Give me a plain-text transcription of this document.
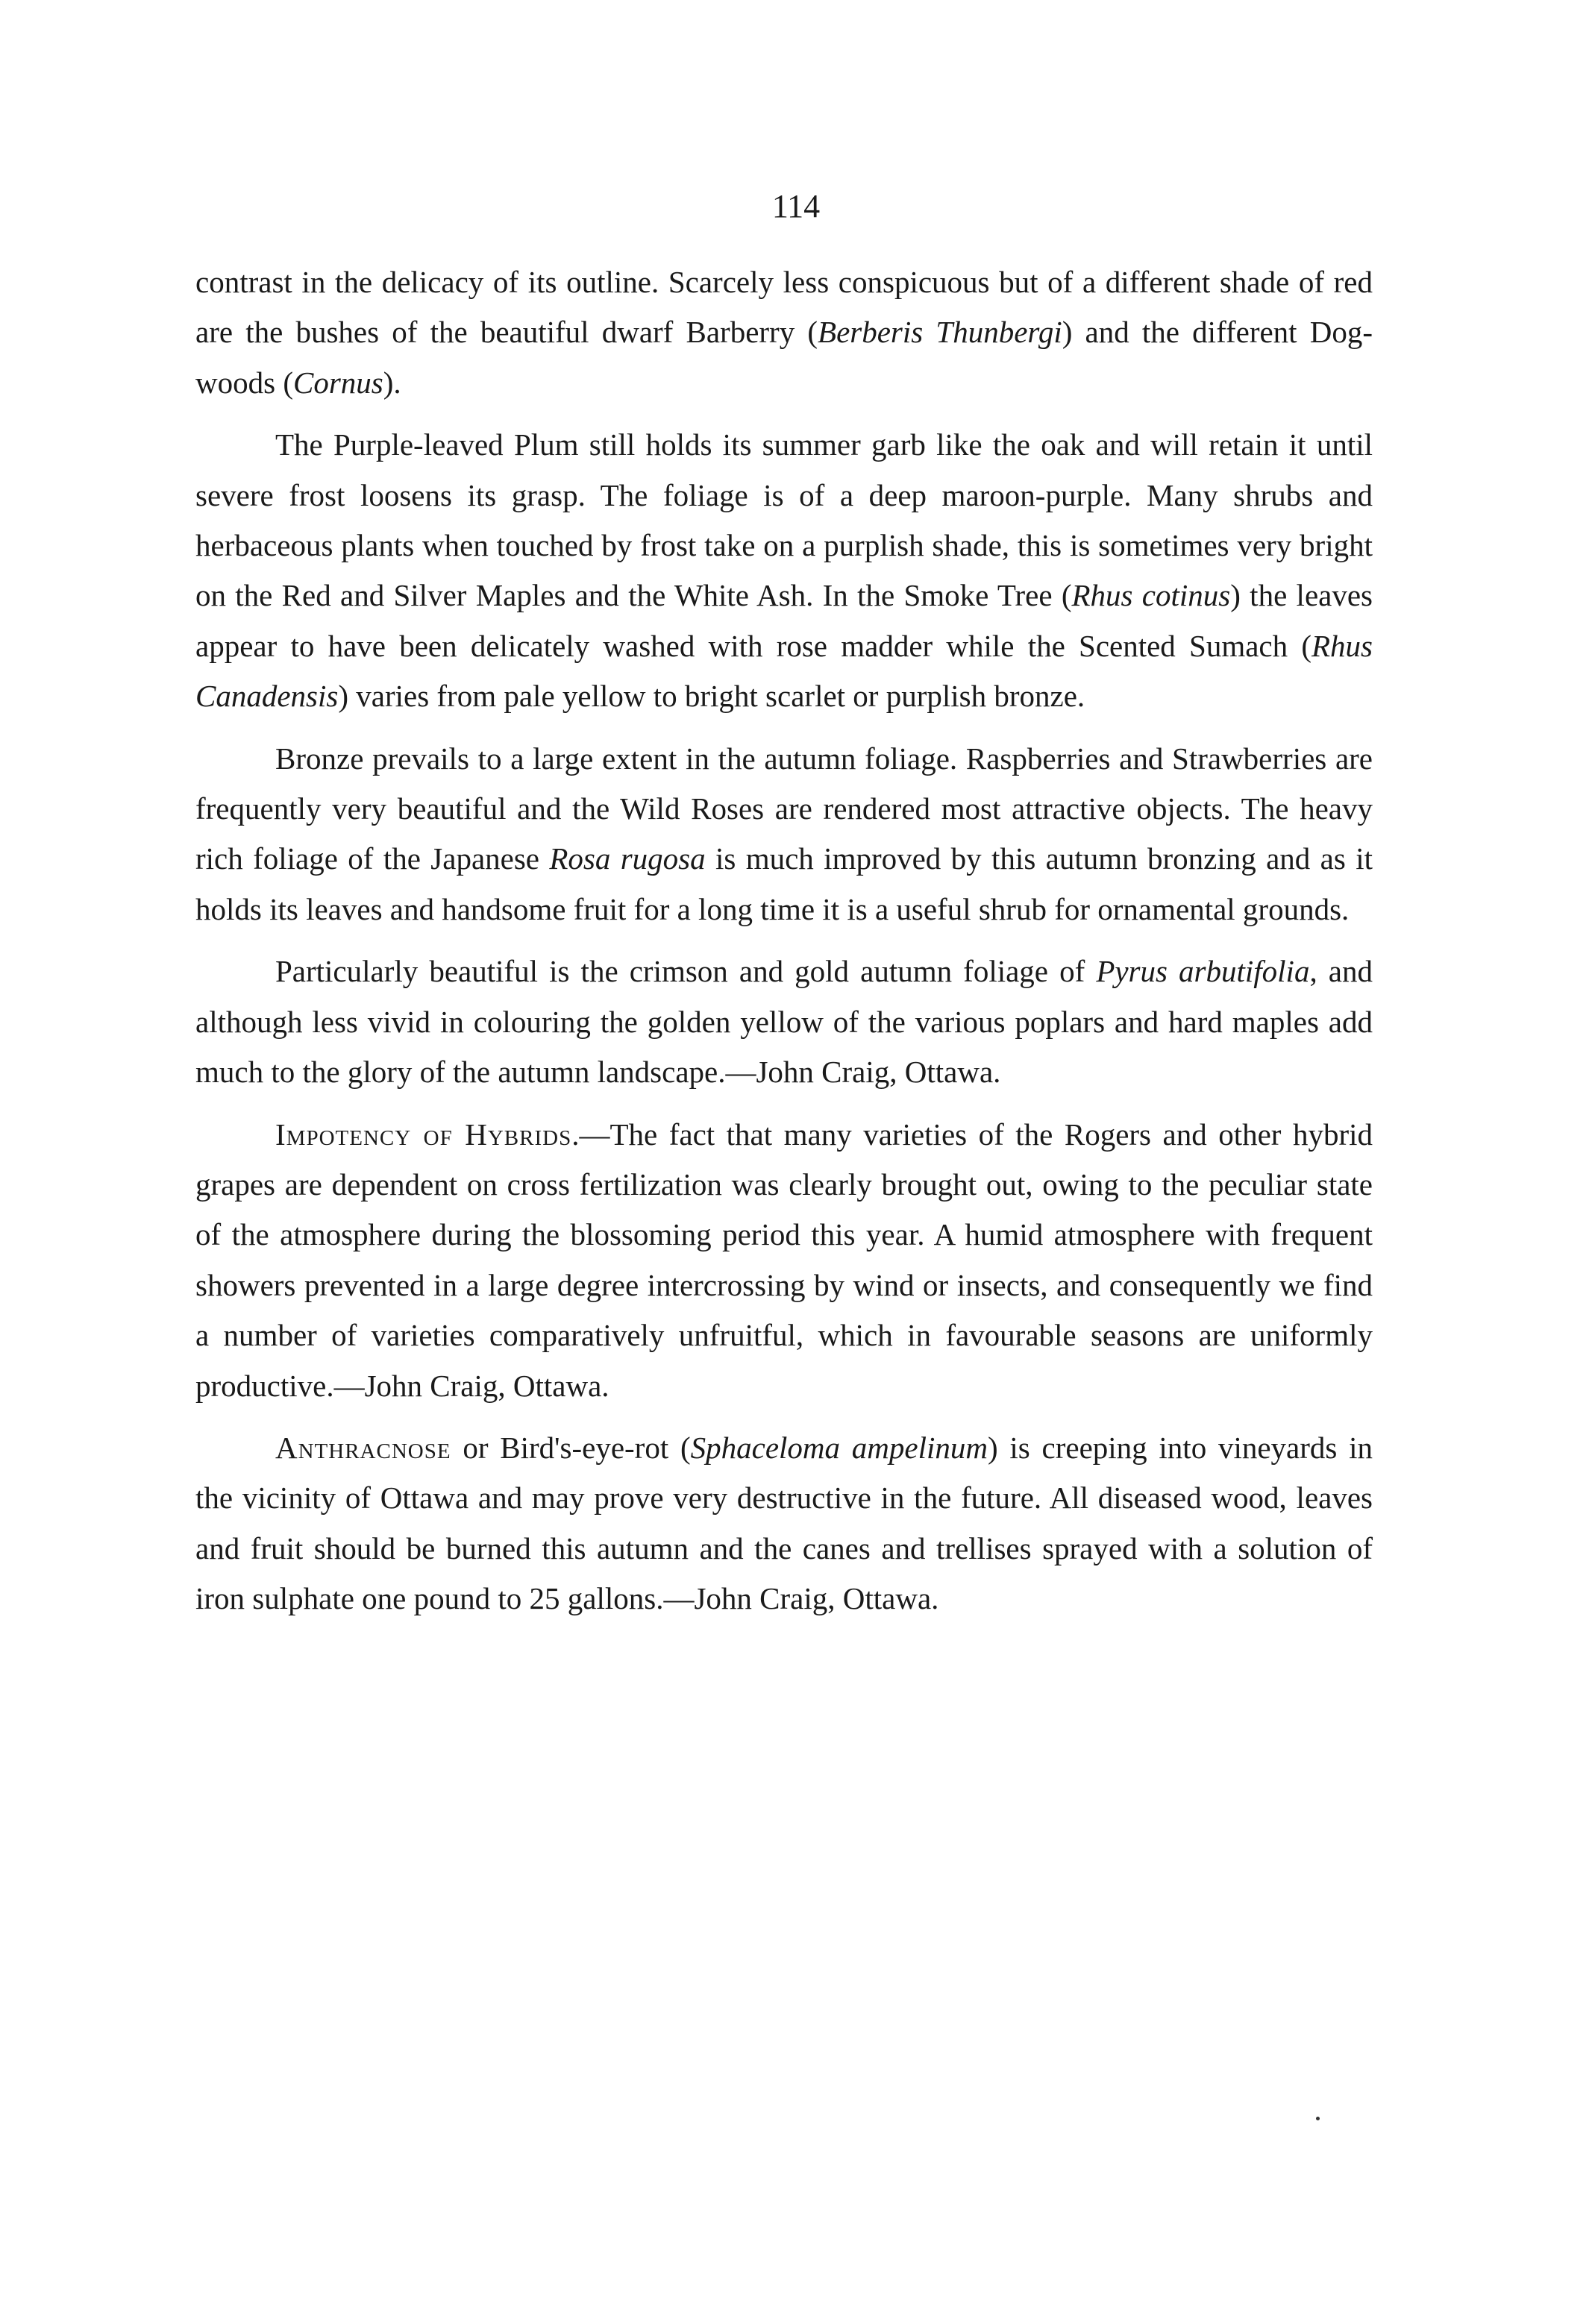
114

contrast in the delicacy of its outline. Scarcely less conspicuous but of a different shade of red are the bushes of the beautiful dwarf Barberry (Berberis Thunbergi) and the different Dog-woods (Cornus).

The Purple-leaved Plum still holds its summer garb like the oak and will retain it until severe frost loosens its grasp. The foliage is of a deep maroon-purple. Many shrubs and herbaceous plants when touched by frost take on a purplish shade, this is sometimes very bright on the Red and Silver Maples and the White Ash. In the Smoke Tree (Rhus cotinus) the leaves appear to have been delicately washed with rose madder while the Scented Sumach (Rhus Canadensis) varies from pale yellow to bright scarlet or purplish bronze.

Bronze prevails to a large extent in the autumn foliage. Raspberries and Strawberries are frequently very beautiful and the Wild Roses are rendered most attractive objects. The heavy rich foliage of the Japanese Rosa rugosa is much improved by this autumn bronzing and as it holds its leaves and handsome fruit for a long time it is a useful shrub for ornamental grounds.

Particularly beautiful is the crimson and gold autumn foliage of Pyrus arbutifolia, and although less vivid in colouring the golden yellow of the various poplars and hard maples add much to the glory of the autumn landscape.—John Craig, Ottawa.

Impotency of Hybrids.—The fact that many varieties of the Rogers and other hybrid grapes are dependent on cross fertilization was clearly brought out, owing to the peculiar state of the atmosphere during the blossoming period this year. A humid atmosphere with frequent showers prevented in a large degree intercrossing by wind or insects, and consequently we find a number of varieties comparatively unfruitful, which in favourable seasons are uniformly productive.—John Craig, Ottawa.

Anthracnose or Bird's-eye-rot (Sphaceloma ampelinum) is creeping into vineyards in the vicinity of Ottawa and may prove very destructive in the future. All diseased wood, leaves and fruit should be burned this autumn and the canes and trellises sprayed with a solution of iron sulphate one pound to 25 gallons.—John Craig, Ottawa.
